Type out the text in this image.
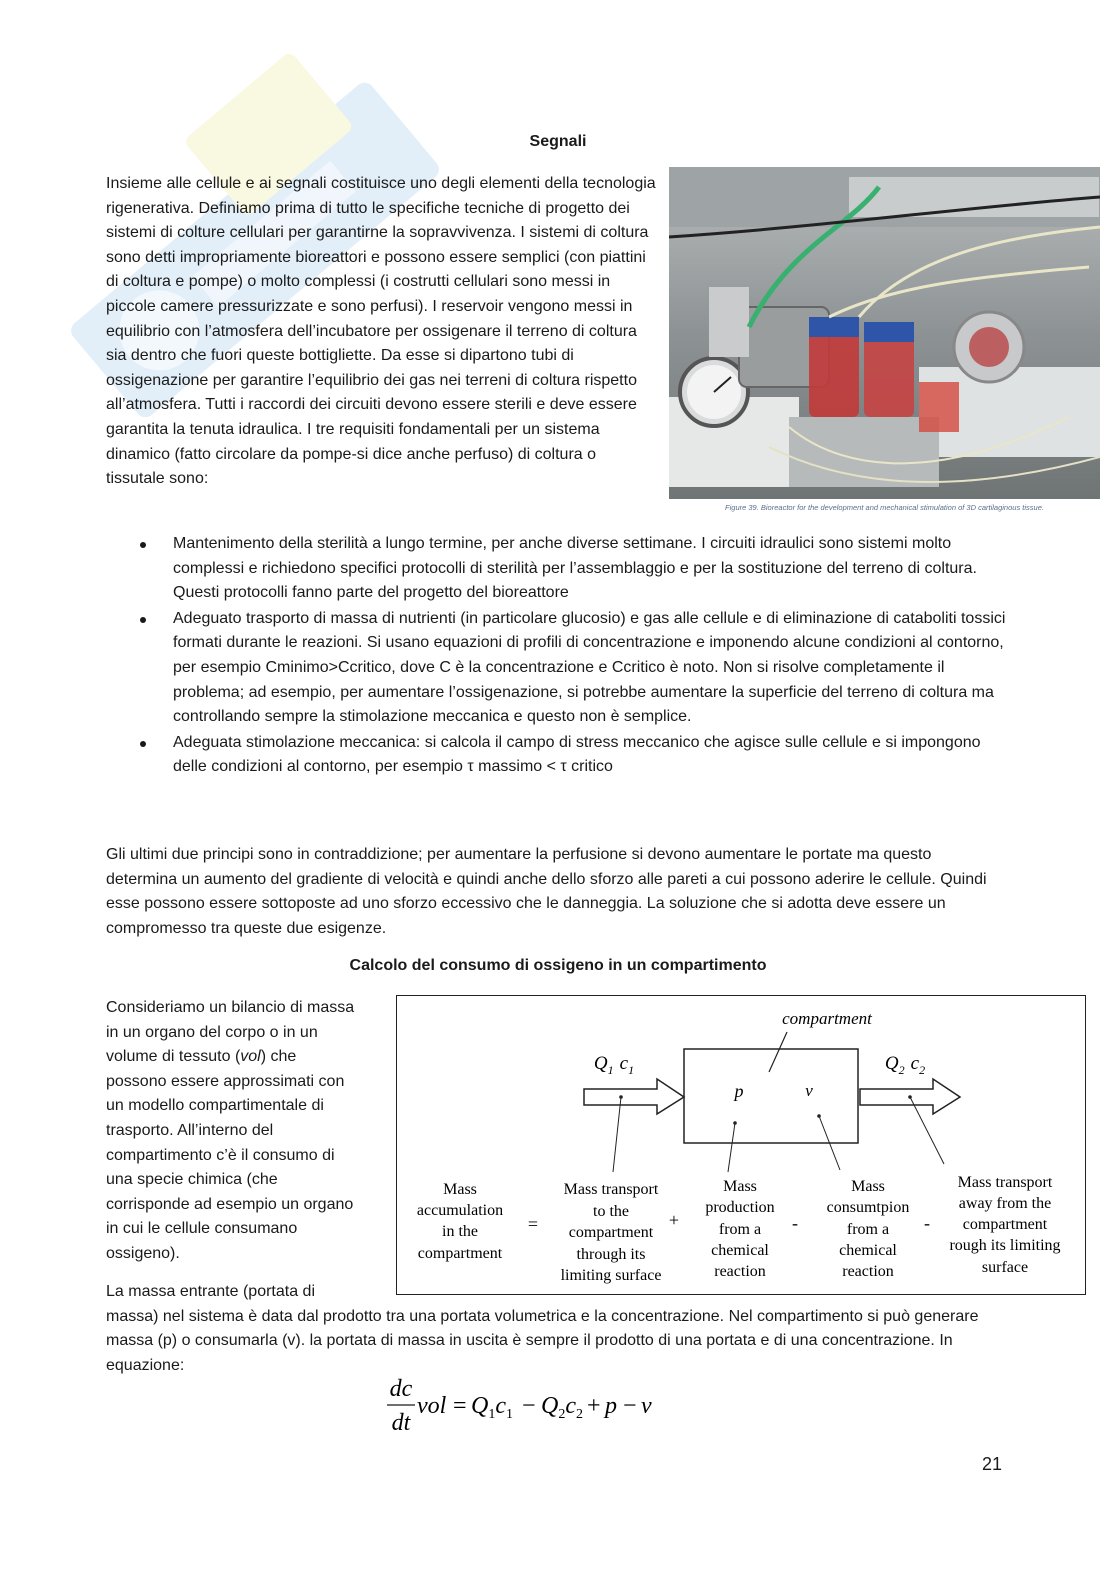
Segnali
Insieme alle cellule e ai segnali costituisce uno degli elementi della tecnologia rigenerativa. Definiamo prima di tutto le specifiche tecniche di progetto dei sistemi di colture cellulari per garantirne la sopravvivenza. I sistemi di coltura sono detti impropriamente bioreattori e possono essere semplici (con piattini di coltura e pompe) o molto complessi (i costrutti cellulari sono messi in piccole camere pressurizzate e sono perfusi). I reservoir vengono messi in equilibrio con l’atmosfera dell’incubatore per ossigenare il terreno di coltura sia dentro che fuori queste bottigliette. Da esse si dipartono tubi di ossigenazione per garantire l’equilibrio dei gas nei terreni di coltura rispetto all’atmosfera. Tutti i raccordi dei circuiti devono essere sterili e deve essere garantita la tenuta idraulica. I tre requisiti fondamentali per un sistema dinamico (fatto circolare da pompe-si dice anche perfuso) di coltura o tissutale sono:
Figure 39. Bioreactor for the development and mechanical stimulation of 3D cartilaginous tissue.
Mantenimento della sterilità a lungo termine, per anche diverse settimane. I circuiti idraulici sono sistemi molto complessi e richiedono specifici protocolli di sterilità per l’assemblaggio e per la sostituzione del terreno di coltura. Questi protocolli fanno parte del progetto del bioreattore
Adeguato trasporto di massa di nutrienti (in particolare glucosio) e gas alle cellule e di eliminazione di cataboliti tossici formati durante le reazioni. Si usano equazioni di profili di concentrazione e imponendo alcune condizioni al contorno, per esempio Cminimo>Ccritico, dove C è la concentrazione e Ccritico è noto. Non si risolve completamente il problema; ad esempio, per aumentare l’ossigenazione, si potrebbe aumentare la superficie del terreno di coltura ma controllando sempre la stimolazione meccanica e questo non è semplice.
Adeguata stimolazione meccanica: si calcola il campo di stress meccanico che agisce sulle cellule e si impongono delle condizioni al contorno, per esempio τ massimo < τ critico
Gli ultimi due principi sono in contraddizione; per aumentare la perfusione si devono aumentare le portate ma questo determina un aumento del gradiente di velocità e quindi anche dello sforzo alle pareti a cui possono aderire le cellule. Quindi esse possono essere sottoposte ad uno sforzo eccessivo che le danneggia. La soluzione che si adotta deve essere un compromesso tra queste due esigenze.
Calcolo del consumo di ossigeno in un compartimento
Consideriamo un bilancio di massa in un organo del corpo o in un volume di tessuto (vol) che possono essere approssimati con un modello compartimentale di trasporto. All’interno del compartimento c’è il consumo di una specie chimica (che corrisponde ad esempio un organo in cui le cellule consumano ossigeno).
compartment
p	v
$Q_1$ $c_1$	$Q_2$ $c_2$
Mass
accumulation
in the
compartment
=
Mass transport
to the
compartment
through its
limiting surface
+
Mass
production
from a
chemical
reaction
-
Mass
consumtpion
from a
chemical
reaction
-
Mass transport
away from the
compartment
rough its limiting
surface
La massa entrante (portata di
massa) nel sistema è data dal prodotto tra una portata volumetrica e la concentrazione. Nel compartimento si può generare massa (p) o consumarla (v). la portata di massa in uscita è sempre il prodotto di una portata e di una concentrazione. In equazione:
dc
dt
vol = $Q_1c_1 - Q_2c_2 + p - v$
21
